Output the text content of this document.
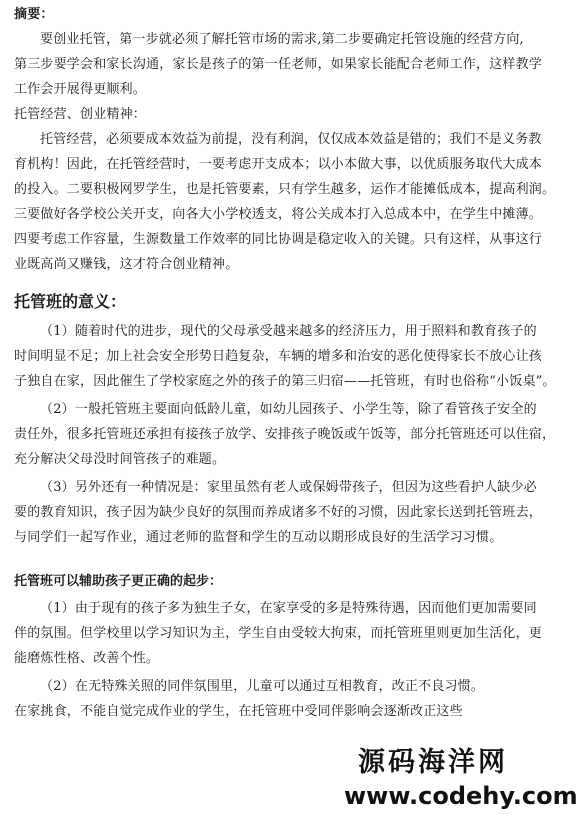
摘要：
要创业托管，第一步就必须了解托管市场的需求,第二步要确定托管设施的经营方向,
第三步要学会和家长沟通，家长是孩子的第一任老师，如果家长能配合老师工作，这样教学
工作会开展得更顺利。
托管经营、创业精神：
托管经营，必须要成本效益为前提，没有利润，仅仅成本效益是错的；我们不是义务教
育机构！因此，在托管经营时，一要考虑开支成本；以小本做大事，以优质服务取代大成本
的投入。二要积极网罗学生，也是托管要素，只有学生越多，运作才能摊低成本，提高利润。
三要做好各学校公关开支，向各大小学校透支，将公关成本打入总成本中，在学生中摊薄。
四要考虑工作容量，生源数量工作效率的同比协调是稳定收入的关键。只有这样，从事这行
业既高尚又赚钱，这才符合创业精神。
托管班的意义：
（1）随着时代的进步，现代的父母承受越来越多的经济压力，用于照料和教育孩子的
时间明显不足；加上社会安全形势日趋复杂，车辆的增多和治安的恶化使得家长不放心让孩
子独自在家，因此催生了学校家庭之外的孩子的第三归宿——托管班，有时也俗称“小饭桌”。
（2）一般托管班主要面向低龄儿童，如幼儿园孩子、小学生等，除了看管孩子安全的
责任外，很多托管班还承担有接孩子放学、安排孩子晚饭或午饭等，部分托管班还可以住宿，
充分解决父母没时间管孩子的难题。
（3）另外还有一种情况是：家里虽然有老人或保姆带孩子，但因为这些看护人缺少必
要的教育知识，孩子因为缺少良好的氛围而养成诸多不好的习惯，因此家长送到托管班去，
与同学们一起写作业，通过老师的监督和学生的互动以期形成良好的生活学习习惯。
托管班可以辅助孩子更正确的起步：
（1）由于现有的孩子多为独生子女，在家享受的多是特殊待遇，因而他们更加需要同
伴的氛围。但学校里以学习知识为主，学生自由受较大拘束，而托管班里则更加生活化，更
能磨炼性格、改善个性。
（2）在无特殊关照的同伴氛围里，儿童可以通过互相教育，改正不良习惯。
在家挑食，不能自觉完成作业的学生，在托管班中受同伴影响会逐渐改正这些
源码海洋网
www.codehy.com
